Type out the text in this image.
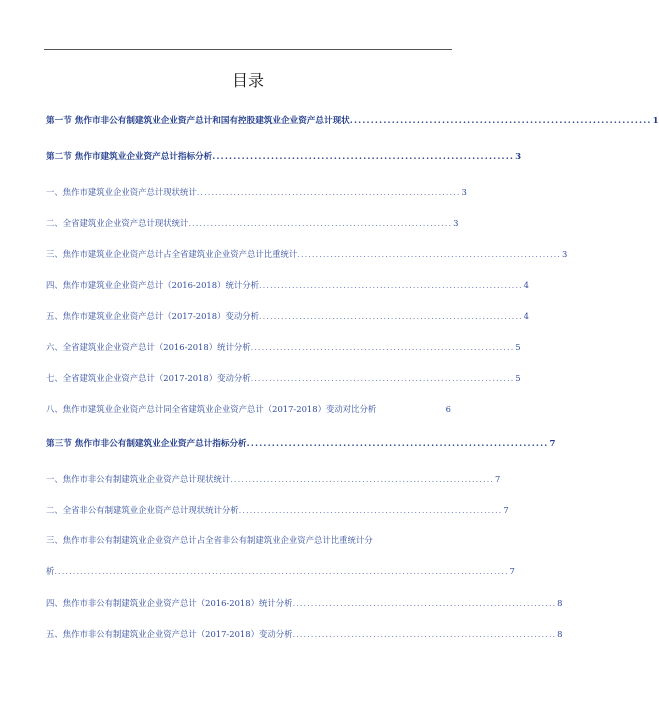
目录
第一节 焦作市非公有制建筑业企业资产总计和国有控股建筑业企业资产总计现状 ........................................................................ 1
第二节 焦作市建筑业企业资产总计指标分析 ........................................................................ 3
一、焦作市建筑业企业资产总计现状统计 ........................................................................ 3
二、全省建筑业企业资产总计现状统计 ........................................................................ 3
三、焦作市建筑业企业资产总计占全省建筑业企业资产总计比重统计 ........................................................................ 3
四、焦作市建筑业企业资产总计（2016-2018）统计分析 ........................................................................ 4
五、焦作市建筑业企业资产总计（2017-2018）变动分析 ........................................................................ 4
六、全省建筑业企业资产总计（2016-2018）统计分析 ........................................................................ 5
七、全省建筑业企业资产总计（2017-2018）变动分析 ........................................................................ 5
八、焦作市建筑业企业资产总计同全省建筑业企业资产总计（2017-2018）变动对比分析	6
第三节 焦作市非公有制建筑业企业资产总计指标分析 ........................................................................ 7
一、焦作市非公有制建筑业企业资产总计现状统计 ........................................................................ 7
二、全省非公有制建筑业企业资产总计现状统计分析 ........................................................................ 7
三、焦作市非公有制建筑业企业资产总计占全省非公有制建筑业企业资产总计比重统计分
析 ............................................................................................................................ 7
四、焦作市非公有制建筑业企业资产总计（2016-2018）统计分析 ........................................................................ 8
五、焦作市非公有制建筑业企业资产总计（2017-2018）变动分析 ........................................................................ 8
